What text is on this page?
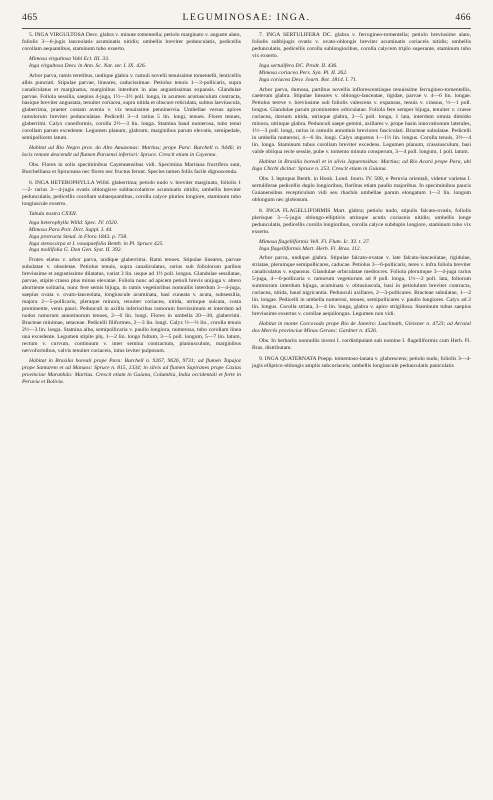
465	LEGUMINOSAE: INGA.	466
5. INGA VIRGULTOSA Desv. glabra v. minute tomentella; petiolo marginato v. anguste alato, foliolis 3—6-jugis lanceolatis acuminatis nitidis; umbellis breviter pedunculatis, pedicellis corollam aequantibus, staminum tubo exserto.
Mimosa virgultosa Vahl Ecl. III. 33.
Inga virgultosa Desv. in Ann. Sc. Nat. ser. I. IX. 426.
Arbor parva, ramis teretibus, undique glabra v. ramuli novelli tenuissime tomentelli, lenticellis albis punctati. Stipulae parvae, lineares, caducissimae. Petiolus tenuis 1—3-pollicaris, supra canaliculatus et marginatus, marginibus interdum in alas angustissimas expansis. Glandulae parvae. Foliola sessilia, saepius 4-juga, 1½—3½ poll. longa, in acumen acutiusculum contracta, basique breviter angustata, tenuiter coriacea, supra nitida et obscure reticulata, subtus laeviuscula, glaberrima, praeter costam avenia v. vix tenuissime penninervia. Umbellae versus apices ramulorum breviter pedunculatae. Pedicelli 3—4 rarius 5 lin. longi, tenues. Flores tenues, glaberrimi. Calyx cuneiformis, corolla 2½—3 lin. longa. Stamina haud numerosa, tubo tenui corollam parum excedente. Legumen planum, glabrum, marginibus parum elevatis, semipedale, semipollicem latum.
Habitat ad Rio Negro prov. do Alto Amazonas: Martius; prope Para: Burchell n. 9446; in locis remote descendit ad flumen Paraensi inferiori: Spruce. Crescit etiam in Cayenna.
Obs. Flores in solis speciminibus Cayennensibus vidi. Specimina Martiana fructifera sunt, Burchelliana et Spruceana nec flores nec fructus ferunt. Species tamen foliis facile dignoscenda.
6. INGA HETEROPHYLLA Willd. glaberrima; petiolo nudo v. breviter marginato, foliolis 1—2- rarius 3—4-jugis ovatis oblongisve subbaccolatisve acuminatis nitidis; umbellis breviter pedunculatis, pedicellis corollam subaequantibus, corolla calyce pluries longiore, staminum tubo longiuscule exserto.
Tabula nostra CXXII.
Inga heterophylla Willd. Spec. IV. 1020.
Mimosa Para Poir. Dict. Suppl. I. 44.
Inga protracta Steud. in Flora 1843. p. 758.
Inga stenocarpa et I. vouapaefolia Benth. in Pl. Spruce 425.
Inga mollifolia G. Don Gen. Syst. II. 392.
Frutex elatus v. arbor parva, undique glaberrima. Rami tenues. Stipulae lineares, parvae subulatae v. obsoletae. Petiolus tenuis, supra canaliculatus, rarius sub foliolorum paribus breviusime et angustissime dilatatus, variat 3 lin. usque ad 1½ poll. longus. Glandulae sessilatae, parvae, stipite crasso plus minus elevatae. Foliola nunc ad apicem petioli brevis unijuga v. altero abortiente solitaria, nunc fere semis bijuga, in ramis vegetioribus nonnullis interdum 3—4-juga, saepius ovata v. ovato-lanceolata, longiuscule acuminata, basi cuneata v. acuta, subsessilia, majora 2—5-pollicaris, pleraque minora, tenuiter coriacea, nitida, utrinque sulcata, costa prominente, venis pauci. Pedunculi in axillis inferioribus ramorum brevissimum et interdum ad nodos ramorum annotinorum tenues, 2—6 lin. longi. Flores in umbella 20—30, glaberrimi. Bracteae minimae, setaceae. Pedicelli filiformes, 2—3 lin. longi. Calyx ½—⅔ lin., corolla tenuis 2½—3 lin. longa. Stamina alba, semipollicaria v. paullo longiora, numerosa, tubo corollam linea una excedente. Legumen stipite plq. 1—2 lin. longo fultum, 3—5 poll. longum, 5—7 lin. latum, rectum v. curvum, continuum v. inter semina contractum, planiusculum, marginibus nervoformibus, valvis tenuiter coriaceis, intus leviter pulposum.
Habitat in Brasilia boreali prope Para: Burchell n. 9267, 9626, 9731; ad flumen Tapajoz prope Santarem et ad Manaos: Spruce n. 815, 1334; in silvis ad flumen Sapiranes prope Caxias provinciae Maranhão: Martius. Crescit etiam in Guiana, Columbia, India occidentali et forte in Peruvia et Bolivia.
7. INGA SERTULIFERA DC. glabra v. ferrugineo-tomentella; petiolo breviusime alato, foliolis subbijugis ovatis v. ovato-oblongis breviter acuminatis coriaceis nitidis; umbellis pedunculatis, pedicellis corolla sublongioribus, corolla calycem triplo superante, staminum tubo vix exserto.
Inga sertulifera DC. Prodr. II. 436.
Mimosa coriacea Pers. Syn. Pl. II. 262.
Inga coriacea Desv. Journ. Bot. 1814. I. 71.
Arbor parva, dumosa, partibus novellis inflorescentiaque tenuissime ferrugineo-tomentellis, caeterum glabra. Stipulae lineares v. oblongo-lanceatae, rigidae, parvae v. 4—6 lin. longae. Petiolus tereve v. breviusime sub foliolis valescens v. expansus, tenuis v. crassus, ½—1 poll. longus. Glandulae parum prominentes orbiculatae. Foliola fere semper bijuga, tenuiter v. crasse coriacea, dorsum nitida, utrinque glabra, 2—5 poll. longa, 1 lata, interdum omnia dimidio minora, utrinque glabra. Pedunculi saepe gemini, axillares v. prope basin innovationum laterales, 1½—3 poll. longi, rarius in ramulis annotinis breviores fasciculati. Bracteae subulatae. Pedicelli in umbella numerosi, 4—6 lin. longi. Calyx angustus 1—1½ lin. longus. Corolla tenuis, 3½—4 lin. longa. Staminum tubus corollam breviter excedens. Legumen planum, crassiusculum, basi valde obliqua recte sessile, pube v. tomento minuto consperum, 3—4 poll. longum, 1 poll. latum.
Habitat in Brasilia boreali et in silvis Japurensibus: Martius; ad Rio Acará prope Para, ubi Inga Chichi dicitur: Spruce n. 253. Crescit etiam in Guiana.
Obs. I. leptopus Benth. in Hook. Lond. Journ. IV. 580, e Peruvia orientali, videtur varietas I. sertuliferae pedicellis duplo longioribus, floribus etiam paullo majoribus. In speciminibus paucis Guianensibus recepticulum vidi seu rhachin umbellae parum elongatum 1—2 lin. longum oblongum nec globosum.
8. INGA FLAGELLIFORMIS Mart. glabra; petiolo nudo, stipulis falcato-ovatis, foliolis plerisque 3—5-jugis oblongo-ellipticis utrinque acutis coriaceis nitidis; umbellis longe pedunculatis, pedicellis corolla longioribus, corolla calyce subduplo longiore, staminum tubo vix exserto.
Mimosa flagelliformis Vell. Fl. Flum. Ic. XI. t. 27.
Inga flagelliformis Mart. Herb. Fl. Bras. 112.
Arbor parva, undique glabra. Stipulae falcato-ovatae v. late falcato-lanceolatae, rigidulae, striatae, plerumque semipollicares, caducae. Petiolus 3—6-pollicaris, teres v. infra foliola breviter canaliculatus v. expansus. Glandulae orbiculatae mediocres. Foliola plerumque 3—4-juga rarius 5-juga, 4—6-pollicaria v. ramorum vegetiorum ad 8 poll. longa, 1½—2 poll. lata, foliorum summorum interdum bijuga, acuminata v. obtusiuscula, basi in petiolulum breviter contracta, coriacea, nitida, haud nigricantia. Pedunculi axillares, 2—3-pollicares. Bracteae subulatae, 1—2 lin. longae. Pedicelli in umbella numerosi, tenues, semipollicares v. paullo longiores. Calyx ad 2 lin. longus. Corolla striata, 3—4 lin. longa, glabra v. apice strigillosa. Staminum tubus saepius breviusime exsertus v. corollae aequilongus. Legumen non vidi.
Habitat in monte Corcovado prope Rio de Janeiro: Luschnath, Gleixner n. 4723; ad Arraial dos Mercês provinciae Minas Geraes: Gardner n. 4526.
Obs. In herbariis nonnullis inveni I. cordistipulam sub nomine I. flagelliformis cum Herb. Fl. Bras. distributam.
9. INGA QUATERNATA Poepp. tomentoso-lanata v. glabrescens; petiolo nudo, foliolis 3—4-jugis elliptico-oblongis amplis subcoriaceis; umbellis longiuscule pedunculatis paniculatis
